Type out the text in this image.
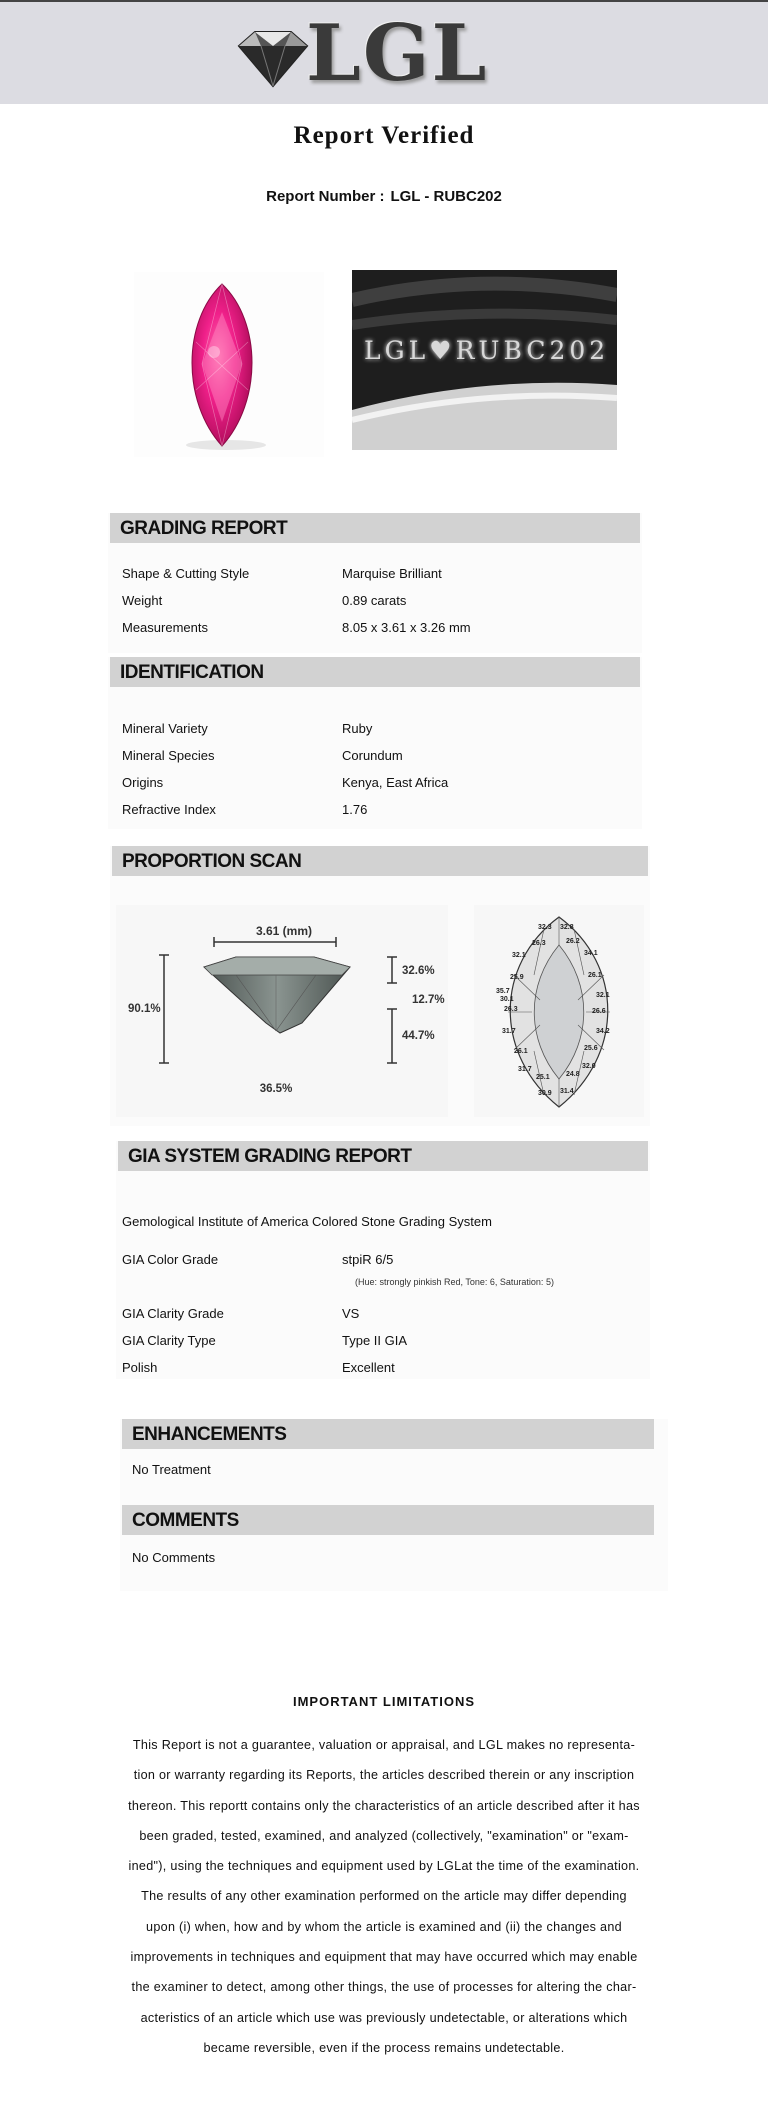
LGL
Report Verified
Report Number : LGL - RUBC202
LGL♥RUBC202
GRADING REPORT
Shape & Cutting Style	Marquise Brilliant
Weight	0.89 carats
Measurements	8.05 x 3.61 x 3.26 mm
IDENTIFICATION
Mineral Variety	Ruby
Mineral Species	Corundum
Origins	Kenya, East Africa
Refractive Index	1.76
PROPORTION SCAN
3.61 (mm)
90.1%
32.6%
12.7%
44.7%
36.5%
32.3 32.8
26.3	26.2
32.1	34.1
25.9	26.1
35.7
30.1
32.1
26.3	26.6
31.7	34.2
26.1	25.6
31.7	32.0
25.1 24.8
30.9 31.4
GIA SYSTEM GRADING REPORT
Gemological Institute of America Colored Stone Grading System
GIA Color Grade	stpiR 6/5
(Hue: strongly pinkish Red, Tone: 6, Saturation: 5)
GIA Clarity Grade	VS
GIA Clarity Type	Type II GIA
Polish	Excellent
ENHANCEMENTS
No Treatment
COMMENTS
No Comments
IMPORTANT LIMITATIONS
This Report is not a guarantee, valuation or appraisal, and LGL makes no representa-
tion or warranty regarding its Reports, the articles described therein or any inscription
thereon. This reportt contains only the characteristics of an article described after it has
been graded, tested, examined, and analyzed (collectively, "examination" or "exam-
ined"), using the techniques and equipment used by LGLat the time of the examination.
The results of any other examination performed on the article may differ depending
upon (i) when, how and by whom the article is examined and (ii) the changes and
improvements in techniques and equipment that may have occurred which may enable
the examiner to detect, among other things, the use of processes for altering the char-
acteristics of an article which use was previously undetectable, or alterations which
became reversible, even if the process remains undetectable.
